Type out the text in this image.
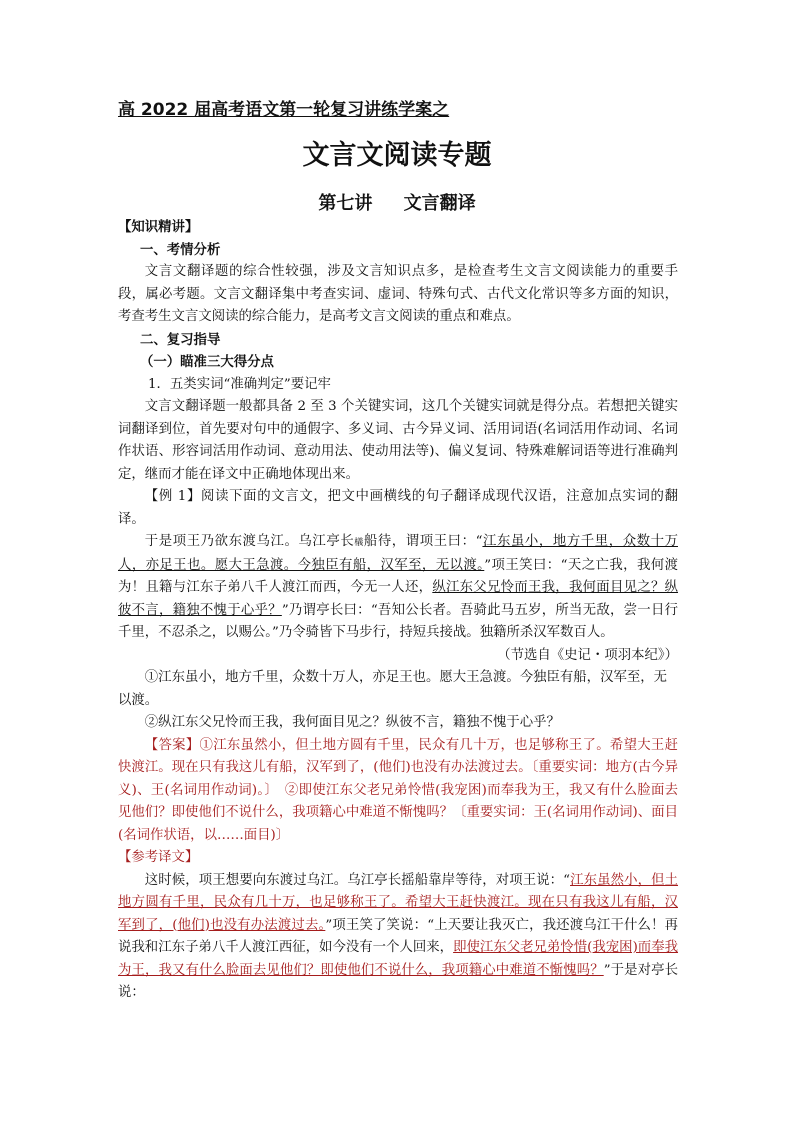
高 2022 届高考语文第一轮复习讲练学案之

文言文阅读专题
第七讲     文言翻译

【知识精讲】

一、考情分析

文言文翻译题的综合性较强，涉及文言知识点多，是检查考生文言文阅读能力的重要手段，属必考题。文言文翻译集中考查实词、虚词、特殊句式、古代文化常识等多方面的知识，考查考生文言文阅读的综合能力，是高考文言文阅读的重点和难点。

二、复习指导

（一）瞄准三大得分点

1．五类实词“准确判定”要记牢

文言文翻译题一般都具备 2 至 3 个关键实词，这几个关键实词就是得分点。若想把关键实词翻译到位，首先要对句中的通假字、多义词、古今异义词、活用词语(名词活用作动词、名词作状语、形容词活用作动词、意动用法、使动用法等)、偏义复词、特殊难解词语等进行准确判定，继而才能在译文中正确地体现出来。

【例 1】阅读下面的文言文，把文中画横线的句子翻译成现代汉语，注意加点实词的翻译。

于是项王乃欲东渡乌江。乌江亭长檥船待，谓项王曰：“江东虽小，地方千里，众数十万人，亦足王也。愿大王急渡。今独臣有船，汉军至，无以渡。”项王笑曰：“天之亡我，我何渡为！且籍与江东子弟八千人渡江而西，今无一人还，纵江东父兄怜而王我，我何面目见之？纵彼不言，籍独不愧于心乎？”乃谓亭长曰：“吾知公长者。吾骑此马五岁，所当无敌，尝一日行千里，不忍杀之，以赐公。”乃令骑皆下马步行，持短兵接战。独籍所杀汉军数百人。

（节选自《史记・项羽本纪》）

①江东虽小，地方千里，众数十万人，亦足王也。愿大王急渡。今独臣有船，汉军至，无以渡。

②纵江东父兄怜而王我，我何面目见之？纵彼不言，籍独不愧于心乎？

【答案】①江东虽然小，但土地方圆有千里，民众有几十万，也足够称王了。希望大王赶快渡江。现在只有我这儿有船，汉军到了，(他们)也没有办法渡过去。〔重要实词：地方(古今异义)、王(名词用作动词)。〕　②即使江东父老兄弟怜惜(我宠困)而奉我为王，我又有什么脸面去见他们？即使他们不说什么，我项籍心中难道不惭愧吗？〔重要实词：王(名词用作动词)、面目(名词作状语，以……面目)〕

【参考译文】

这时候，项王想要向东渡过乌江。乌江亭长摇船靠岸等待，对项王说：“江东虽然小，但土地方圆有千里，民众有几十万，也足够称王了。希望大王赶快渡江。现在只有我这儿有船，汉军到了，(他们)也没有办法渡过去。”项王笑了笑说：“上天要让我灭亡，我还渡乌江干什么！再说我和江东子弟八千人渡江西征，如今没有一个人回来，即使江东父老兄弟怜惜(我宠困)而奉我为王，我又有什么脸面去见他们？即使他们不说什么，我项籍心中难道不惭愧吗？”于是对亭长说：
